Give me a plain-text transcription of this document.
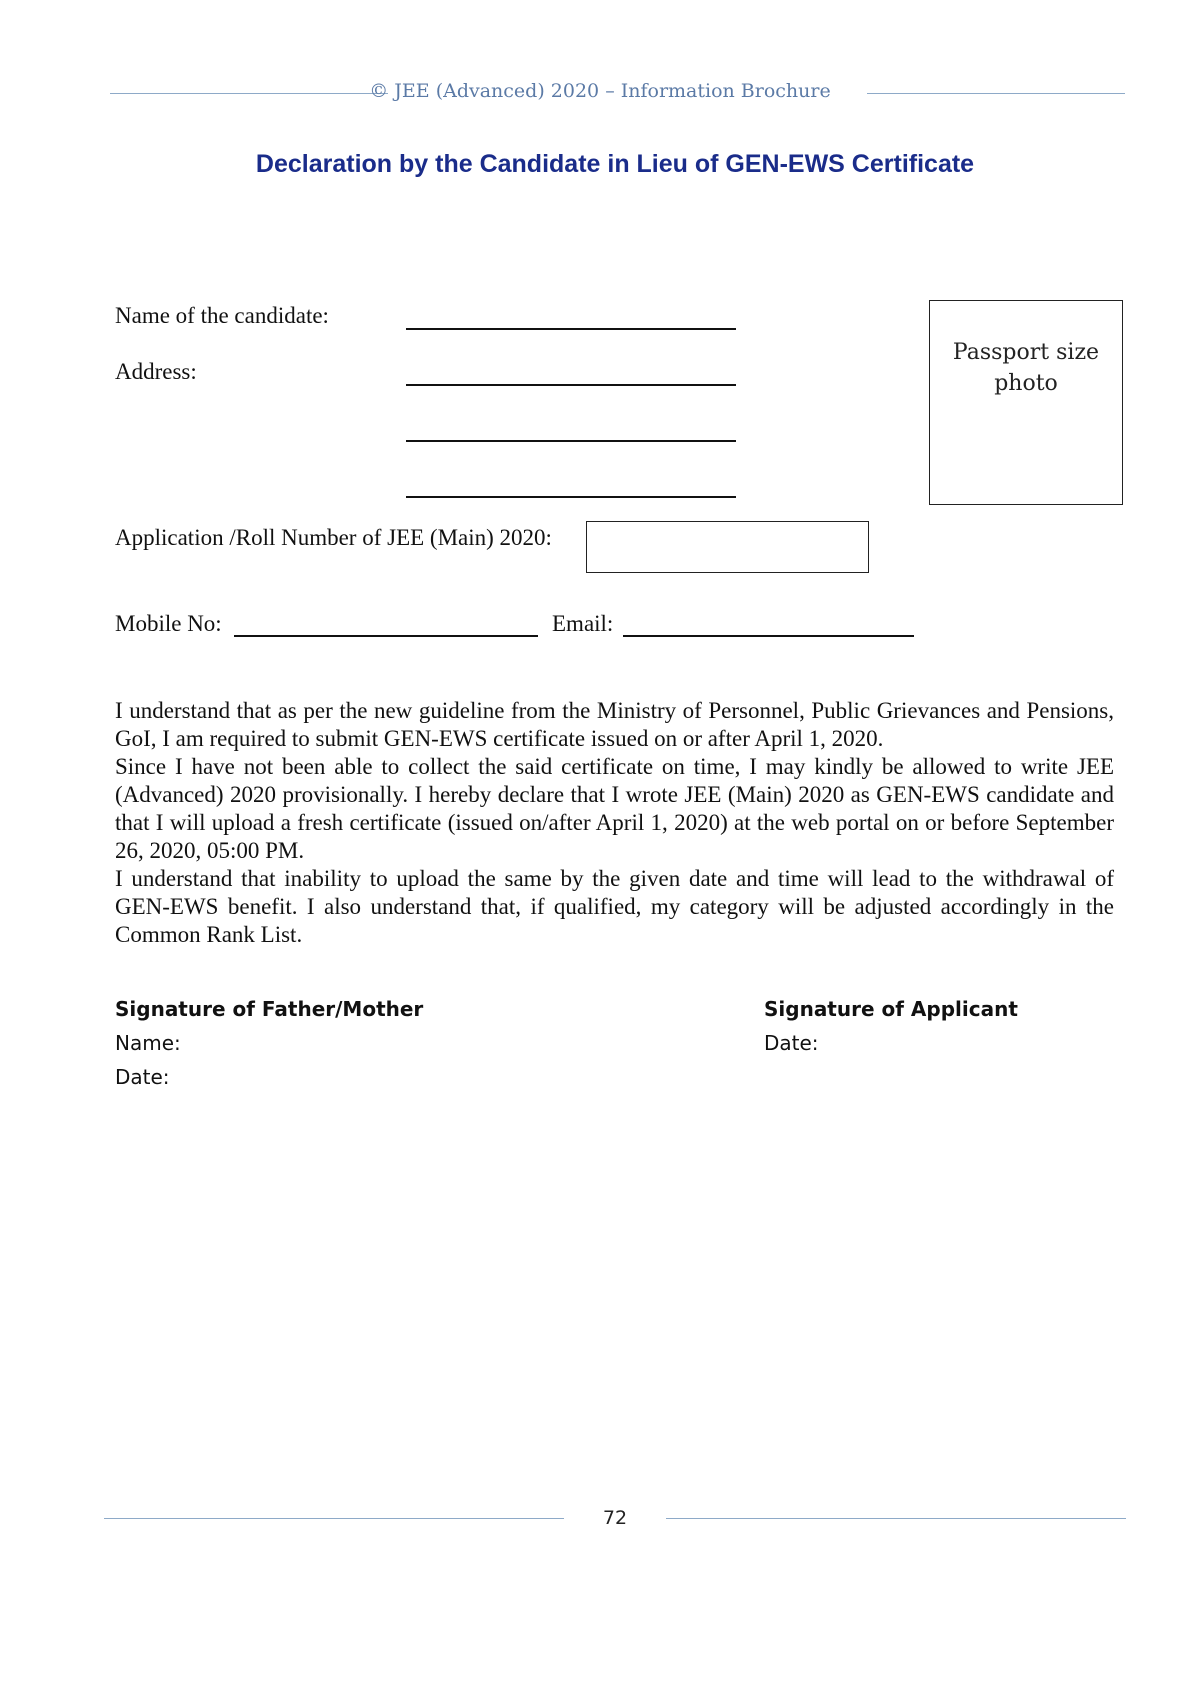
© JEE (Advanced) 2020 – Information Brochure
Declaration by the Candidate in Lieu of GEN-EWS Certificate
Name of the candidate:
Address:
Passport size
photo
Application /Roll Number of JEE (Main) 2020:
Mobile No:	Email:

I understand that as per the new guideline from the Ministry of Personnel, Public Grievances and Pensions, GoI, I am required to submit GEN-EWS certificate issued on or after April 1, 2020.

Since I have not been able to collect the said certificate on time, I may kindly be allowed to write JEE (Advanced) 2020 provisionally. I hereby declare that I wrote JEE (Main) 2020 as GEN-EWS candidate and that I will upload a fresh certificate (issued on/after April 1, 2020) at the web portal on or before September 26, 2020, 05:00 PM.

I understand that inability to upload the same by the given date and time will lead to the withdrawal of GEN-EWS benefit. I also understand that, if qualified, my category will be adjusted accordingly in the Common Rank List.

Signature of Father/Mother
Name:
Date:
Signature of Applicant
Date:
72
